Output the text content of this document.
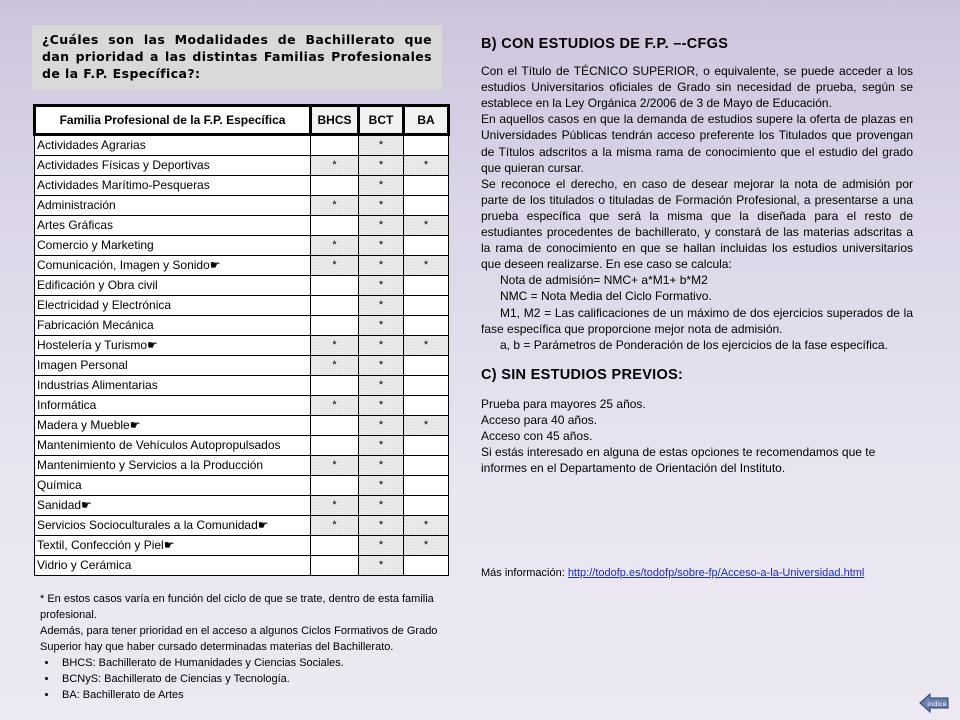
¿Cuáles son las Modalidades de Bachillerato que dan prioridad a las distintas Familias Profesionales de la F.P. Específica?:
Familia Profesional de la F.P. Específica	BHCS	BCT	BA
Actividades Agrarias		*	
Actividades Físicas y Deportivas	*	*	*
Actividades Marítimo-Pesqueras		*	
Administración	*	*	
Artes Gráficas		*	*
Comercio y Marketing	*	*	
Comunicación, Imagen y Sonido☛	*	*	*
Edificación y Obra civil		*	
Electricidad y Electrónica		*	
Fabricación Mecánica		*	
Hostelería y Turismo☛	*	*	*
Imagen Personal	*	*	
Industrias Alimentarias		*	
Informática	*	*	
Madera y Mueble☛		*	*
Mantenimiento de Vehículos Autopropulsados		*	
Mantenimiento y Servicios a la Producción	*	*	
Química		*	
Sanidad☛	*	*	
Servicios Socioculturales a la Comunidad☛	*	*	*
Textil, Confección y Piel☛		*	*
Vidrio y Cerámica		*	
* En estos casos varía en función del ciclo de que se trate, dentro de esta familia profesional.
Además, para tener prioridad en el acceso a algunos Ciclos Formativos de Grado Superior hay que haber cursado determinadas materias del Bachillerato.
• BHCS: Bachillerato de Humanidades y Ciencias Sociales.
• BCNyS: Bachillerato de Ciencias y Tecnología.
• BA: Bachillerato de Artes
B) CON ESTUDIOS DE F.P. –-CFGS

Con el Título de TÉCNICO SUPERIOR, o equivalente, se puede acceder a los estudios Universitarios oficiales de Grado sin necesidad de prueba, según se establece en la Ley Orgánica 2/2006 de 3 de Mayo de Educación.

En aquellos casos en que la demanda de estudios supere la oferta de plazas en Universidades Públicas tendrán acceso preferente los Titulados que provengan de Títulos adscritos a la misma rama de conocimiento que el estudio del grado que quieran cursar.

Se reconoce el derecho, en caso de desear mejorar la nota de admisión por parte de los titulados o tituladas de Formación Profesional, a presentarse a una prueba específica que será la misma que la diseñada para el resto de estudiantes procedentes de bachillerato, y constará de las materias adscritas a la rama de conocimiento en que se hallan incluidas los estudios universitarios que deseen realizarse. En ese caso se calcula:

Nota de admisión= NMC+ a*M1+ b*M2

NMC = Nota Media del Ciclo Formativo.

M1, M2 = Las calificaciones de un máximo de dos ejercicios superados de la fase específica que proporcione mejor nota de admisión.

a, b = Parámetros de Ponderación de los ejercicios de la fase específica.

C) SIN ESTUDIOS PREVIOS:

Prueba para mayores 25 años.

Acceso para 40 años.

Acceso con 45 años.

Si estás interesado en alguna de estas opciones te recomendamos que te informes en el Departamento de Orientación del Instituto.

Más información: http://todofp.es/todofp/sobre-fp/Acceso-a-la-Universidad.html
indice
